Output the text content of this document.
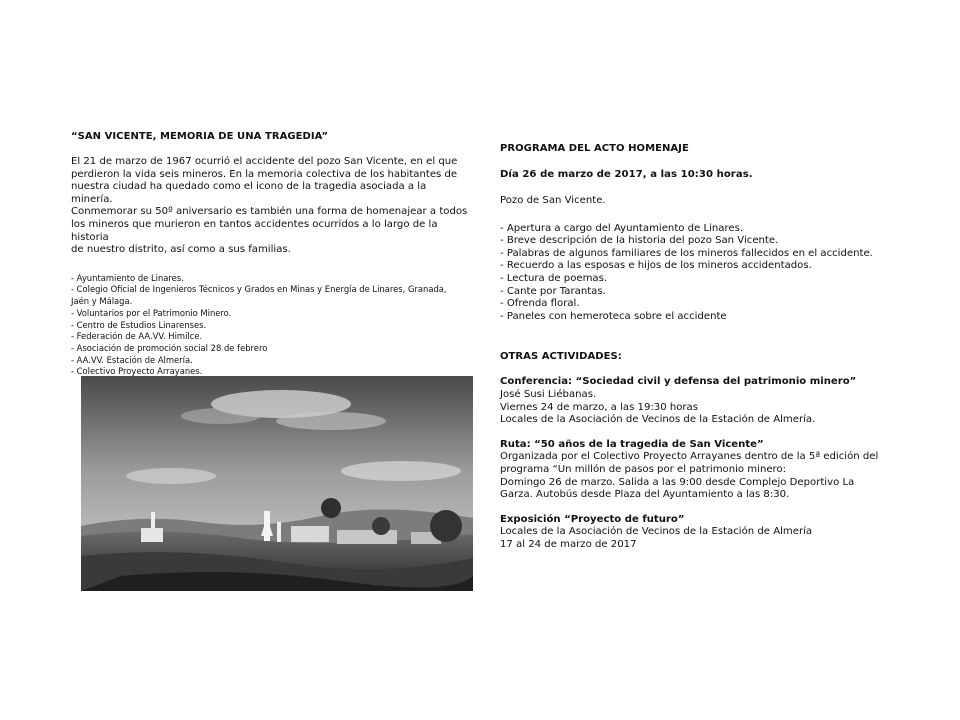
“SAN VICENTE, MEMORIA DE UNA TRAGEDIA”
El 21 de marzo de 1967 ocurrió el accidente del pozo San Vicente, en el que
perdieron la vida seis mineros. En la memoria colectiva de los habitantes de
nuestra ciudad ha quedado como el icono de la tragedia asociada a la
minería.
Conmemorar su 50º aniversario es también una forma de homenajear a todos
los mineros que murieron en tantos accidentes ocurridos a lo largo de la historia
de nuestro distrito, así como a sus familias.
- Ayuntamiento de Linares.
- Colegio Oficial de Ingenieros Técnicos y Grados en Minas y Energía de Linares, Granada,
Jaén y Málaga.
- Voluntarios por el Patrimonio Minero.
- Centro de Estudios Linarenses.
- Federación de AA.VV. Himilce.
- Asociación de promoción social 28 de febrero
- AA.VV. Estación de Almería.
- Colectivo Proyecto Arrayanes.
PROGRAMA DEL ACTO HOMENAJE
Día 26 de marzo de 2017, a las 10:30 horas.
Pozo de San Vicente.
- Apertura a cargo del Ayuntamiento de Linares.
- Breve descripción de la historia del pozo San Vicente.
- Palabras de algunos familiares de los mineros fallecidos en el accidente.
- Recuerdo a las esposas e hijos de los mineros accidentados.
- Lectura de poemas.
- Cante por Tarantas.
- Ofrenda floral.
- Paneles con hemeroteca sobre el accidente
OTRAS ACTIVIDADES:
Conferencia: “Sociedad civil y defensa del patrimonio minero”
José Susi Liébanas.
Viernes 24 de marzo, a las 19:30 horas
Locales de la Asociación de Vecinos de la Estación de Almería.
Ruta: “50 años de la tragedia de San Vicente”
Organizada por el Colectivo Proyecto Arrayanes dentro de la 5ª edición del
programa “Un millón de pasos por el patrimonio minero:
Domingo 26 de marzo. Salida a las 9:00 desde Complejo Deportivo La
Garza. Autobús desde Plaza del Ayuntamiento a las 8:30.
Exposición “Proyecto de futuro”
Locales de la Asociación de Vecinos de la Estación de Almería
17 al 24 de marzo de 2017
